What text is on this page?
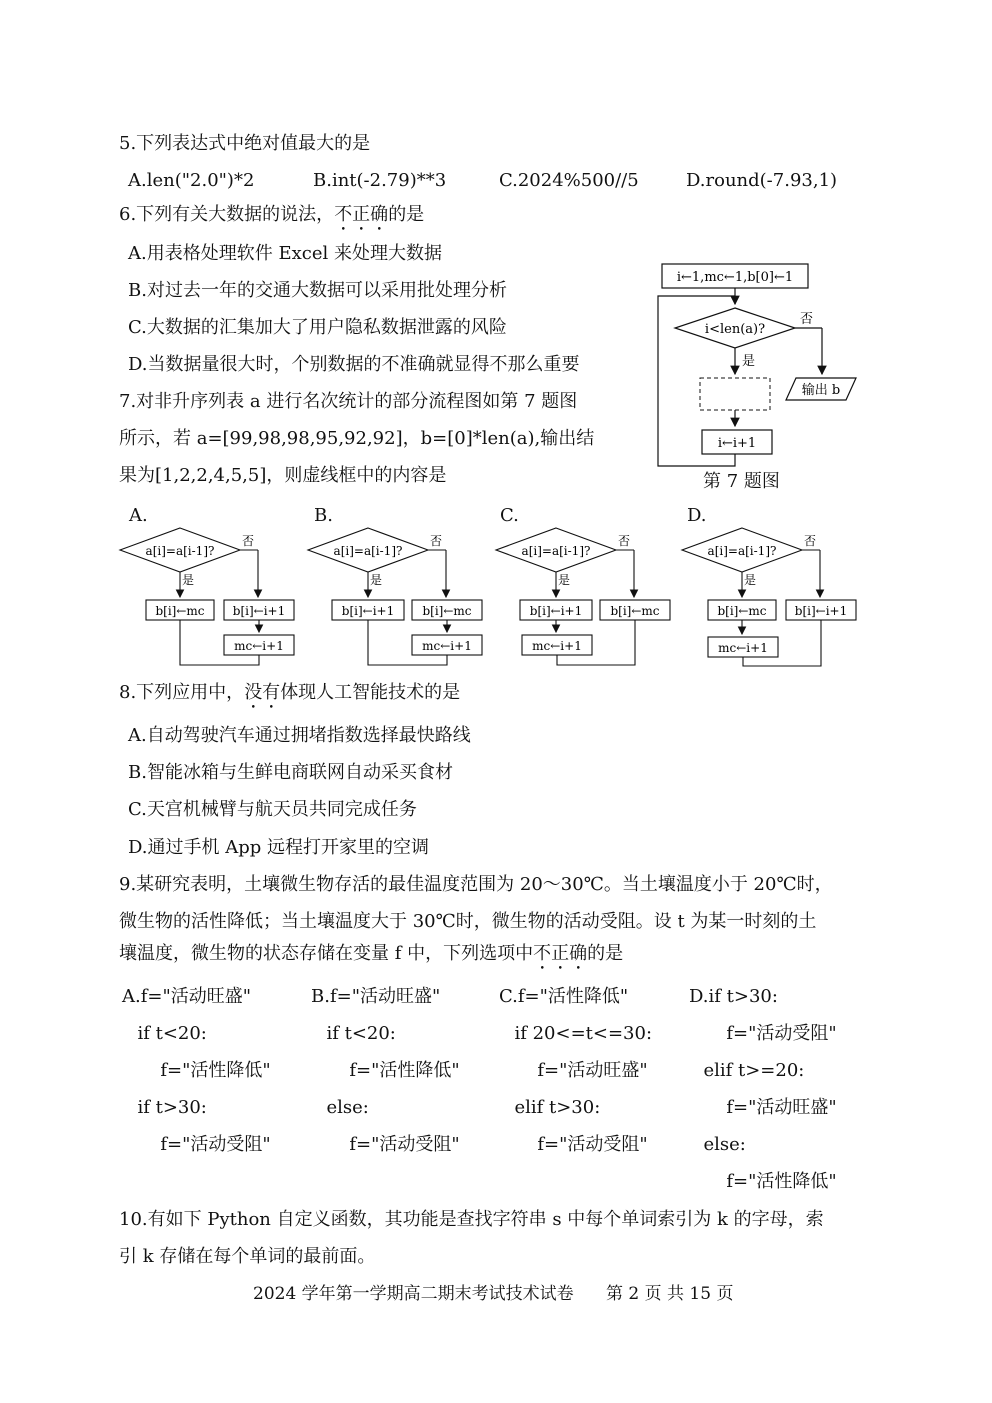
5.下列表达式中绝对值最大的是
A.len("2.0")*2	B.int(-2.79)**3	C.2024%500//5	D.round(-7.93,1)
6.下列有关大数据的说法，不正确的是
A.用表格处理软件 Excel 来处理大数据
B.对过去一年的交通大数据可以采用批处理分析
C.大数据的汇集加大了用户隐私数据泄露的风险
D.当数据量很大时，个别数据的不准确就显得不那么重要
7.对非升序列表 a 进行名次统计的部分流程图如第 7 题图
所示，若 a=[99,98,98,95,92,92]，b=[0]*len(a),输出结
果为[1,2,2,4,5,5]，则虚线框中的内容是
i←1,mc←1,b[0]←1
i<len(a)?
否
输出 b
是
i←i+1
第 7 题图
A.
a[i]=a[i-1]?
否
是
b[i]←mc b[i]←i+1
mc←i+1
B.
a[i]=a[i-1]?
否
是
b[i]←i+1 b[i]←mc
mc←i+1
C.
a[i]=a[i-1]?
否
是
b[i]←i+1 b[i]←mc
mc←i+1
D.
a[i]=a[i-1]?
否
是
b[i]←mc b[i]←i+1
mc←i+1
8.下列应用中，没有体现人工智能技术的是
A.自动驾驶汽车通过拥堵指数选择最快路线
B.智能冰箱与生鲜电商联网自动采买食材
C.天宫机械臂与航天员共同完成任务
D.通过手机 App 远程打开家里的空调
9.某研究表明，土壤微生物存活的最佳温度范围为 20～30℃。当土壤温度小于 20℃时，
微生物的活性降低；当土壤温度大于 30℃时，微生物的活动受阻。设 t 为某一时刻的土
壤温度，微生物的状态存储在变量 f 中，下列选项中不正确的是
A.f="活动旺盛"
if t<20:
f="活性降低"
if t>30:
f="活动受阻"
B.f="活动旺盛"
if t<20:
f="活性降低"
else:
f="活动受阻"
C.f="活性降低"
if 20<=t<=30:
f="活动旺盛"
elif t>30:
f="活动受阻"
D.if t>30:
f="活动受阻"
elif t>=20:
f="活动旺盛"
else:
f="活性降低"
10.有如下 Python 自定义函数，其功能是查找字符串 s 中每个单词索引为 k 的字母，索
引 k 存储在每个单词的最前面。
2024 学年第一学期高二期末考试技术试卷 第 2 页 共 15 页
